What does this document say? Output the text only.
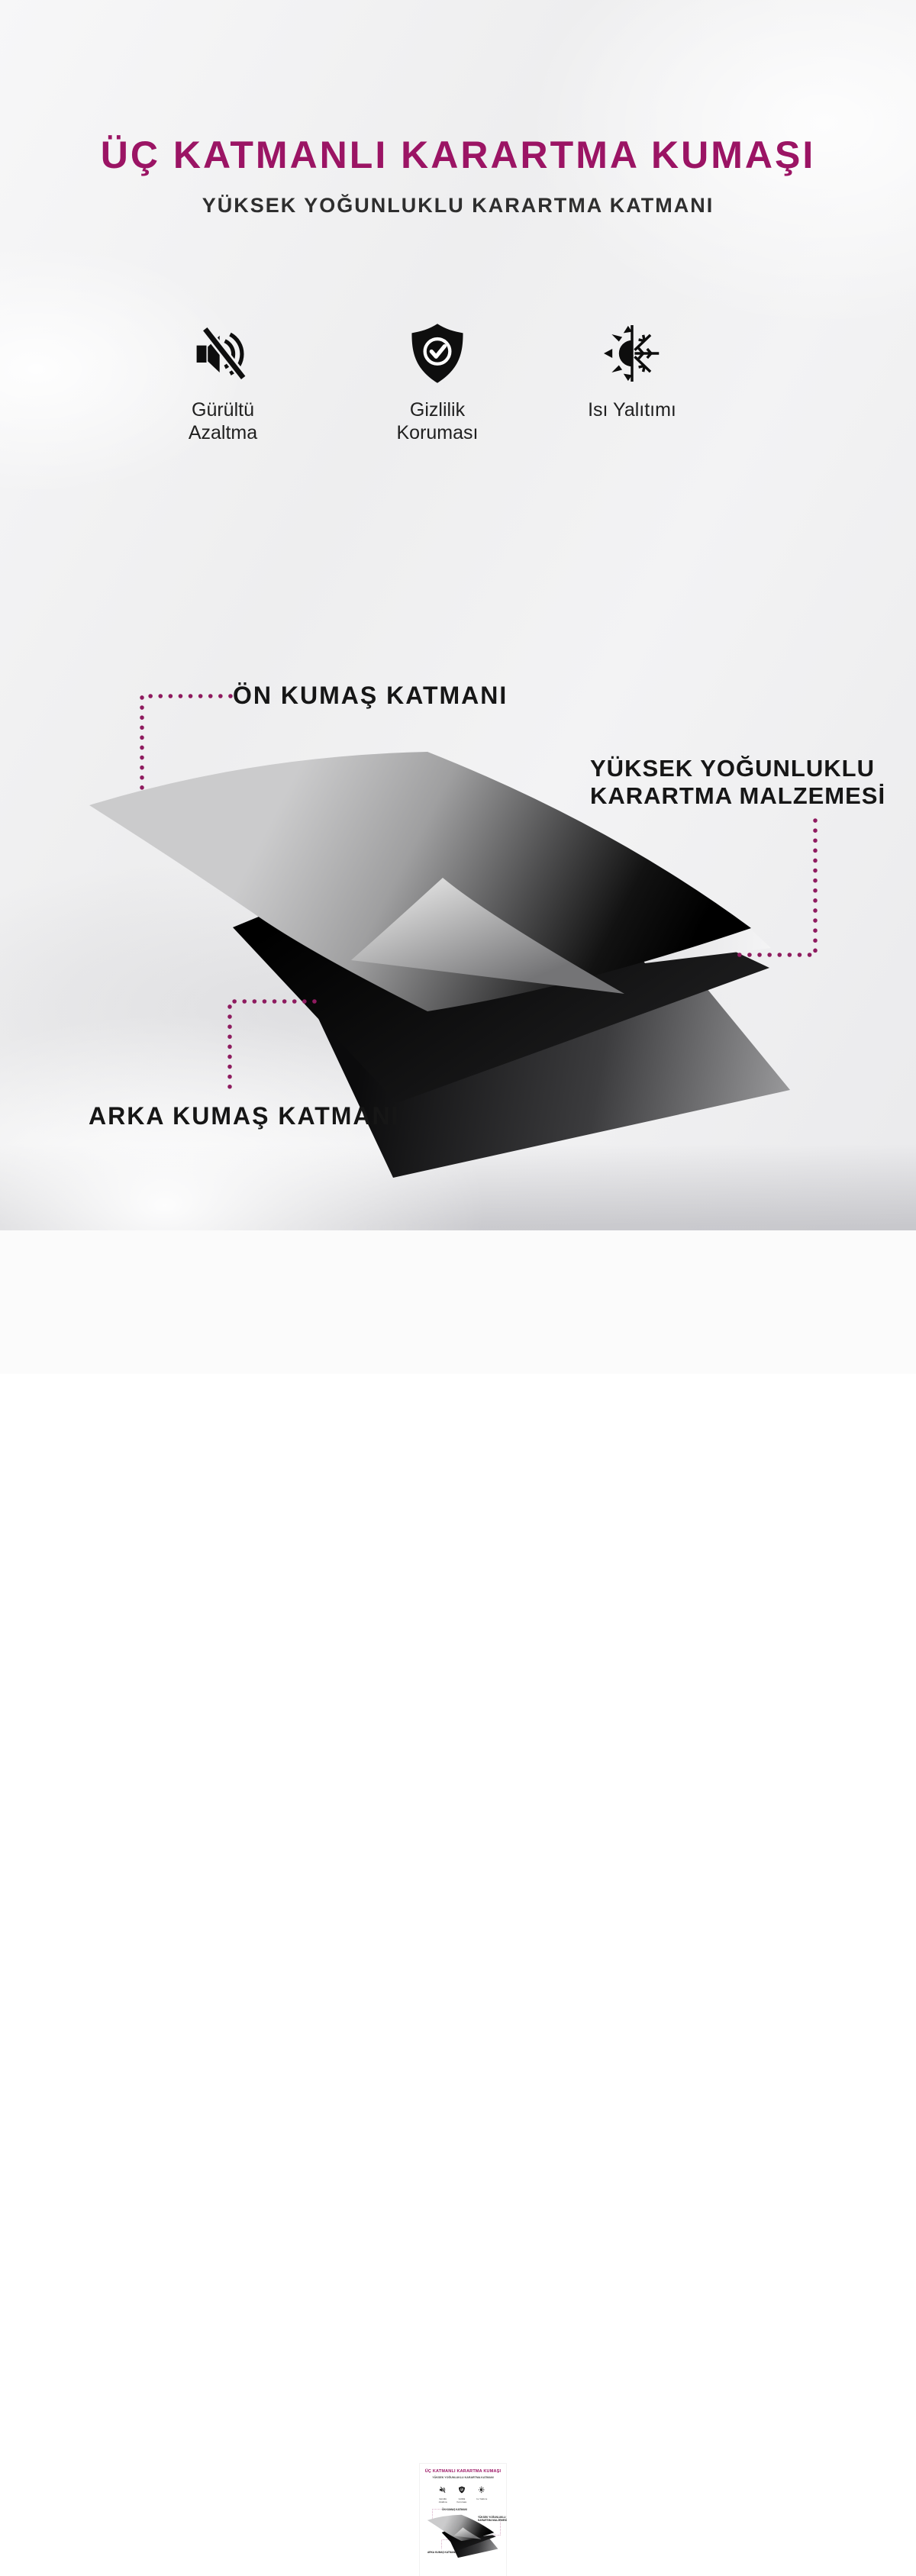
ÜÇ KATMANLI KARARTMA KUMAŞI
YÜKSEK YOĞUNLUKLU KARARTMA KATMANI
Gürültü
Azaltma
Gizlilik
Koruması
Isı Yalıtımı
ÖN KUMAŞ KATMANI
YÜKSEK YOĞUNLUKLU
KARARTMA MALZEMESİ
ARKA KUMAŞ KATMANI
ÜÇ KATMANLI KARARTMA KUMAŞI
YÜKSEK YOĞUNLUKLU KARARTMA KATMANI
Gürültü
Azaltma
Gizlilik
Koruması
Isı Yalıtımı
ÖN KUMAŞ KATMANI
YÜKSEK YOĞUNLUKLU
KARARTMA MALZEMESİ
ARKA KUMAŞ KATMANI
